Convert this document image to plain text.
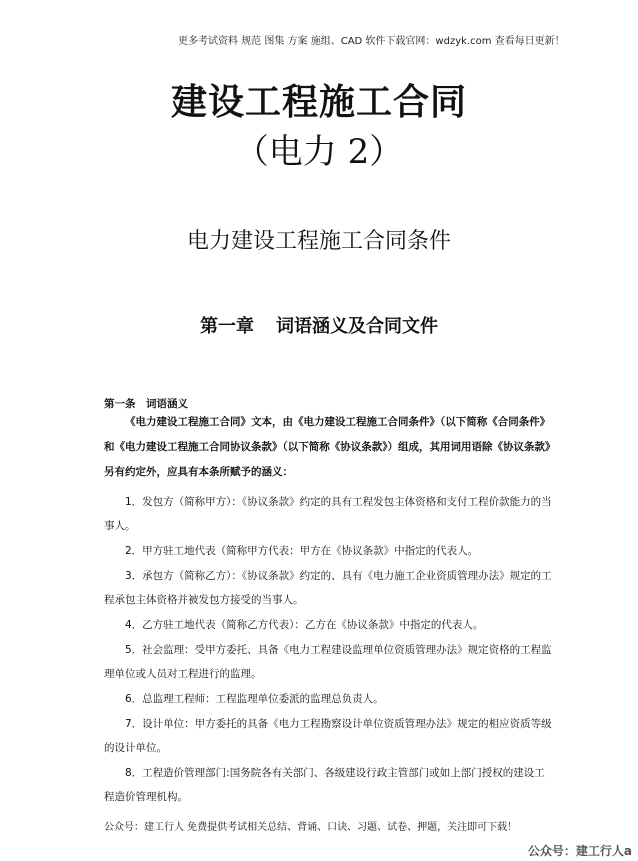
更多考试资料 规范 图集 方案 施组、CAD 软件下载官网：wdzyk.com 查看每日更新！
建设工程施工合同
（电力 2）
电力建设工程施工合同条件
第一章 词语涵义及合同文件
第一条　词语涵义

《电力建设工程施工合同》文本，由《电力建设工程施工合同条件》（以下简称《合同条件》和《电力建设工程施工合同协议条款》（以下简称《协议条款》）组成，其用词用语除《协议条款》另有约定外，应具有本条所赋予的涵义：

1．发包方（简称甲方）：《协议条款》约定的具有工程发包主体资格和支付工程价款能力的当事人。

2．甲方驻工地代表（简称甲方代表：甲方在《协议条款》中指定的代表人。

3．承包方（简称乙方）：《协议条款》约定的、具有《电力施工企业资质管理办法》规定的工程承包主体资格并被发包方接受的当事人。

4．乙方驻工地代表（简称乙方代表）：乙方在《协议条款》中指定的代表人。

5．社会监理：受甲方委托、具备《电力工程建设监理单位资质管理办法》规定资格的工程监理单位或人员对工程进行的监理。

6．总监理工程师：工程监理单位委派的监理总负责人。

7．设计单位：甲方委托的具备《电力工程勘察设计单位资质管理办法》规定的相应资质等级的设计单位。

8．工程造价管理部门:国务院各有关部门、各级建设行政主管部门或如上部门授权的建设工程造价管理机构。

公众号：建工行人 免费提供考试相关总结、背诵、口诀、习题、试卷、押题，关注即可下载！
公众号：建工行人a
